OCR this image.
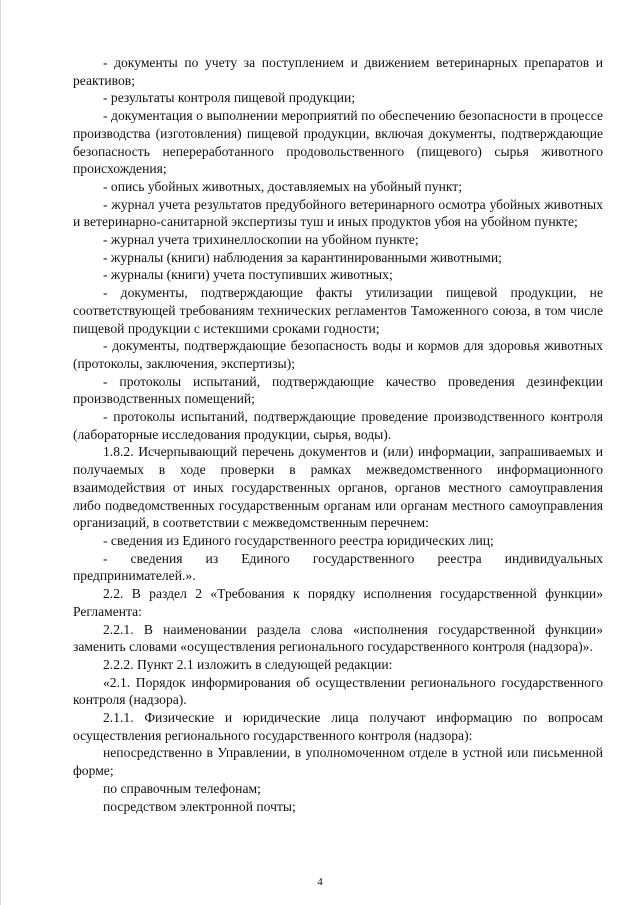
- документы по учету за поступлением и движением ветеринарных препаратов и реактивов;

- результаты контроля пищевой продукции;

- документация о выполнении мероприятий по обеспечению безопасности в процессе производства (изготовления) пищевой продукции, включая документы, подтверждающие безопасность непереработанного продовольственного (пищевого) сырья животного происхождения;

- опись убойных животных, доставляемых на убойный пункт;

- журнал учета результатов предубойного ветеринарного осмотра убойных животных и ветеринарно-санитарной экспертизы туш и иных продуктов убоя на убойном пункте;

- журнал учета трихинеллоскопии на убойном пункте;

- журналы (книги) наблюдения за карантинированными животными;

- журналы (книги) учета поступивших животных;

- документы, подтверждающие факты утилизации пищевой продукции, не соответствующей требованиям технических регламентов Таможенного союза, в том числе пищевой продукции с истекшими сроками годности;

- документы, подтверждающие безопасность воды и кормов для здоровья животных (протоколы, заключения, экспертизы);

- протоколы испытаний, подтверждающие качество проведения дезинфекции производственных помещений;

- протоколы испытаний, подтверждающие проведение производственного контроля (лабораторные исследования продукции, сырья, воды).

1.8.2. Исчерпывающий перечень документов и (или) информации, запрашиваемых и получаемых в ходе проверки в рамках межведомственного информационного взаимодействия от иных государственных органов, органов местного самоуправления либо подведомственных государственным органам или органам местного самоуправления организаций, в соответствии с межведомственным перечнем:

- сведения из Единого государственного реестра юридических лиц;

- сведения из Единого государственного реестра индивидуальных предпринимателей.».

2.2. В раздел 2 «Требования к порядку исполнения государственной функции» Регламента:

2.2.1. В наименовании раздела слова «исполнения государственной функции» заменить словами «осуществления регионального государственного контроля (надзора)».

2.2.2. Пункт 2.1 изложить в следующей редакции:

«2.1. Порядок информирования об осуществлении регионального государственного контроля (надзора).

2.1.1. Физические и юридические лица получают информацию по вопросам осуществления регионального государственного контроля (надзора):

непосредственно в Управлении, в уполномоченном отделе в устной или письменной форме;

по справочным телефонам;

посредством электронной почты;

4
